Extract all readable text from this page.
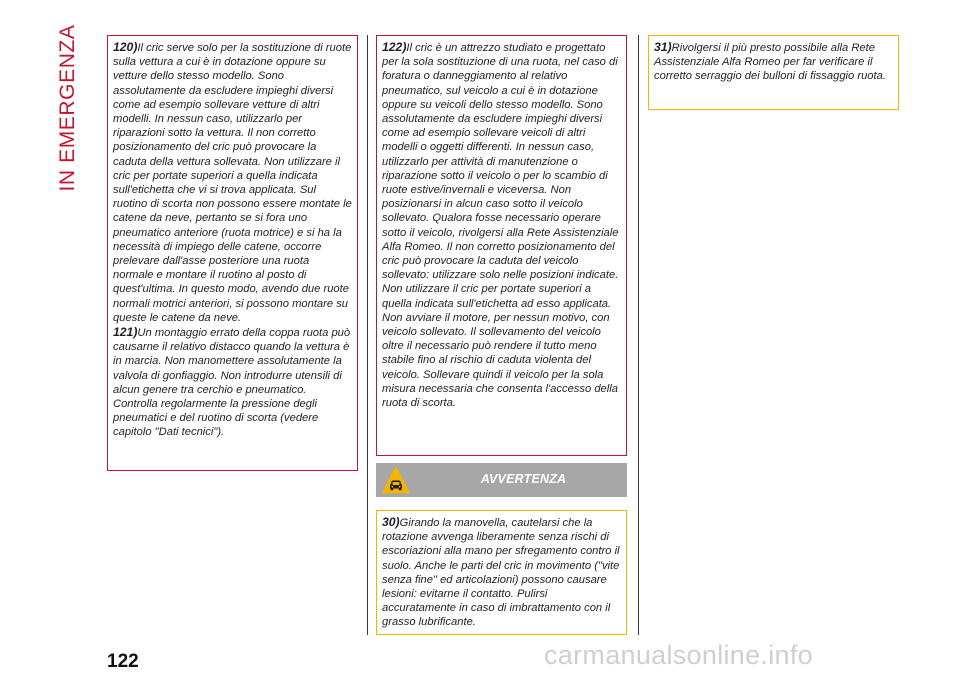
IN EMERGENZA	120)Il cric serve solo per la sostituzione di ruote sulla vettura a cui è in dotazione oppure su vetture dello stesso modello. Sono assolutamente da escludere impieghi diversi come ad esempio sollevare vetture di altri modelli. In nessun caso, utilizzarlo per riparazioni sotto la vettura. Il non corretto posizionamento del cric può provocare la caduta della vettura sollevata. Non utilizzare il cric per portate superiori a quella indicata sull'etichetta che vi si trova applicata. Sul ruotino di scorta non possono essere montate le catene da neve, pertanto se si fora uno pneumatico anteriore (ruota motrice) e si ha la necessità di impiego delle catene, occorre prelevare dall'asse posteriore una ruota normale e montare il ruotino al posto di quest'ultima. In questo modo, avendo due ruote normali motrici anteriori, si possono montare su queste le catene da neve.

121)Un montaggio errato della coppa ruota può causarne il relativo distacco quando la vettura è in marcia. Non manomettere assolutamente la valvola di gonfiaggio. Non introdurre utensili di alcun genere tra cerchio e pneumatico. Controlla regolarmente la pressione degli pneumatici e del ruotino di scorta (vedere capitolo "Dati tecnici").

122)Il cric è un attrezzo studiato e progettato per la sola sostituzione di una ruota, nel caso di foratura o danneggiamento al relativo pneumatico, sul veicolo a cui è in dotazione oppure su veicoli dello stesso modello. Sono assolutamente da escludere impieghi diversi come ad esempio sollevare veicoli di altri modelli o oggetti differenti. In nessun caso, utilizzarlo per attività di manutenzione o riparazione sotto il veicolo o per lo scambio di ruote estive/invernali e viceversa. Non posizionarsi in alcun caso sotto il veicolo sollevato. Qualora fosse necessario operare sotto il veicolo, rivolgersi alla Rete Assistenziale Alfa Romeo. Il non corretto posizionamento del cric può provocare la caduta del veicolo sollevato: utilizzare solo nelle posizioni indicate. Non utilizzare il cric per portate superiori a quella indicata sull'etichetta ad esso applicata. Non avviare il motore, per nessun motivo, con veicolo sollevato. Il sollevamento del veicolo oltre il necessario può rendere il tutto meno stabile fino al rischio di caduta violenta del veicolo. Sollevare quindi il veicolo per la sola misura necessaria che consenta l'accesso della ruota di scorta.

AVVERTENZA

30)Girando la manovella, cautelarsi che la rotazione avvenga liberamente senza rischi di escoriazioni alla mano per sfregamento contro il suolo. Anche le parti del cric in movimento ("vite senza fine" ed articolazioni) possono causare lesioni: evitarne il contatto. Pulirsi accuratamente in caso di imbrattamento con il grasso lubrificante.

31)Rivolgersi il più presto possibile alla Rete Assistenziale Alfa Romeo per far verificare il corretto serraggio dei bulloni di fissaggio ruota.

122	carmanualsonline.info
